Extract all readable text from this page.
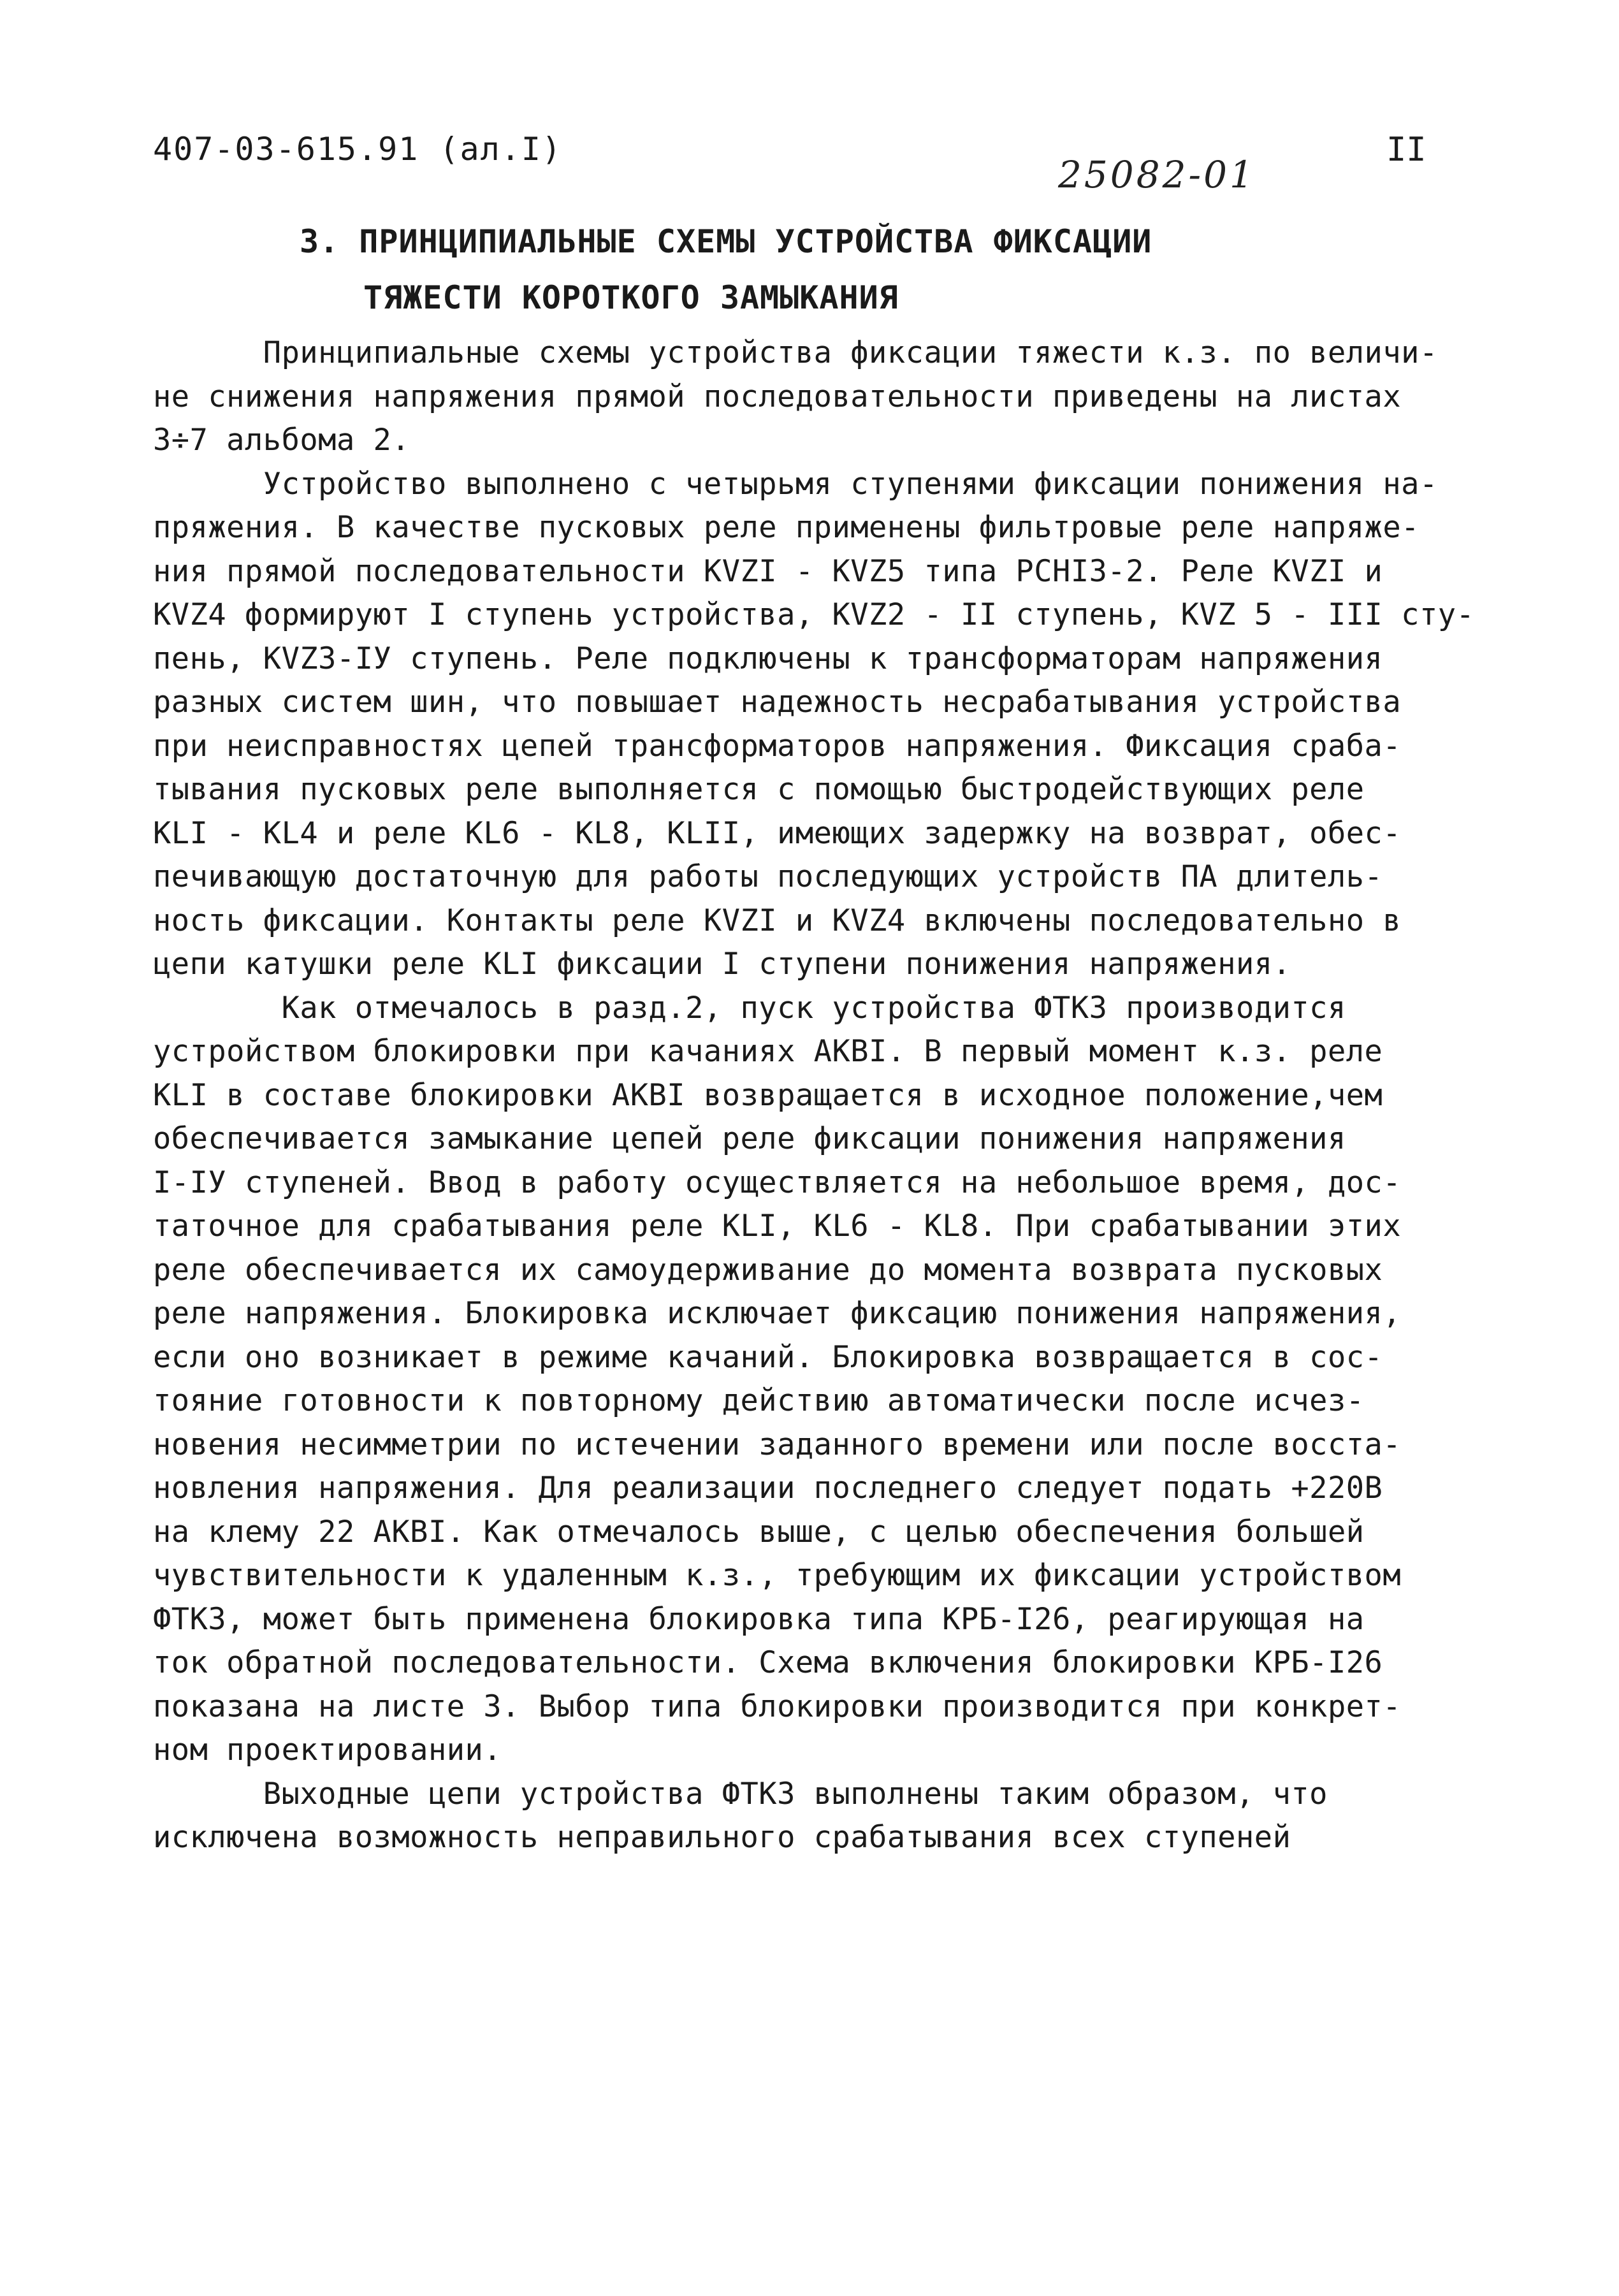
407-03-615.91 (ал.I)
25082-01
II
3. ПРИНЦИПИАЛЬНЫЕ СХЕМЫ УСТРОЙСТВА ФИКСАЦИИ
ТЯЖЕСТИ КОРОТКОГО ЗАМЫКАНИЯ
Принципиальные схемы устройства фиксации тяжести к.з. по величи-
не снижения напряжения прямой последовательности приведены на листах
3÷7 альбома 2.
Устройство выполнено с четырьмя ступенями фиксации понижения на-
пряжения. В качестве пусковых реле применены фильтровые реле напряже-
ния прямой последовательности KVZI - KVZ5 типа РСНI3-2. Реле KVZI и
KVZ4 формируют I ступень устройства, KVZ2 - II ступень, KVZ 5 - III сту-
пень, KVZ3-IУ ступень. Реле подключены к трансформаторам напряжения
разных систем шин, что повышает надежность несрабатывания устройства
при неисправностях цепей трансформаторов напряжения. Фиксация сраба-
тывания пусковых реле выполняется с помощью быстродействующих реле
KLI - KL4 и реле KL6 - KL8, KLII, имеющих задержку на возврат, обес-
печивающую достаточную для работы последующих устройств ПА длитель-
ность фиксации. Контакты реле KVZI и KVZ4 включены последовательно в
цепи катушки реле KLI фиксации I ступени понижения напряжения.
Как отмечалось в разд.2, пуск устройства ФТКЗ производится
устройством блокировки при качаниях АКВI. В первый момент к.з. реле
KLI в составе блокировки АКВI возвращается в исходное положение,чем
обеспечивается замыкание цепей реле фиксации понижения напряжения
I-IУ ступеней. Ввод в работу осуществляется на небольшое время, дос-
таточное для срабатывания реле KLI, KL6 - KL8. При срабатывании этих
реле обеспечивается их самоудерживание до момента возврата пусковых
реле напряжения. Блокировка исключает фиксацию понижения напряжения,
если оно возникает в режиме качаний. Блокировка возвращается в сос-
тояние готовности к повторному действию автоматически после исчез-
новения несимметрии по истечении заданного времени или после восста-
новления напряжения. Для реализации последнего следует подать +220В
на клему 22 АКВI. Как отмечалось выше, с целью обеспечения большей
чувствительности к удаленным к.з., требующим их фиксации устройством
ФТКЗ, может быть применена блокировка типа КРБ-I26, реагирующая на
ток обратной последовательности. Схема включения блокировки КРБ-I26
показана на листе 3. Выбор типа блокировки производится при конкрет-
ном проектировании.
Выходные цепи устройства ФТКЗ выполнены таким образом, что
исключена возможность неправильного срабатывания всех ступеней
